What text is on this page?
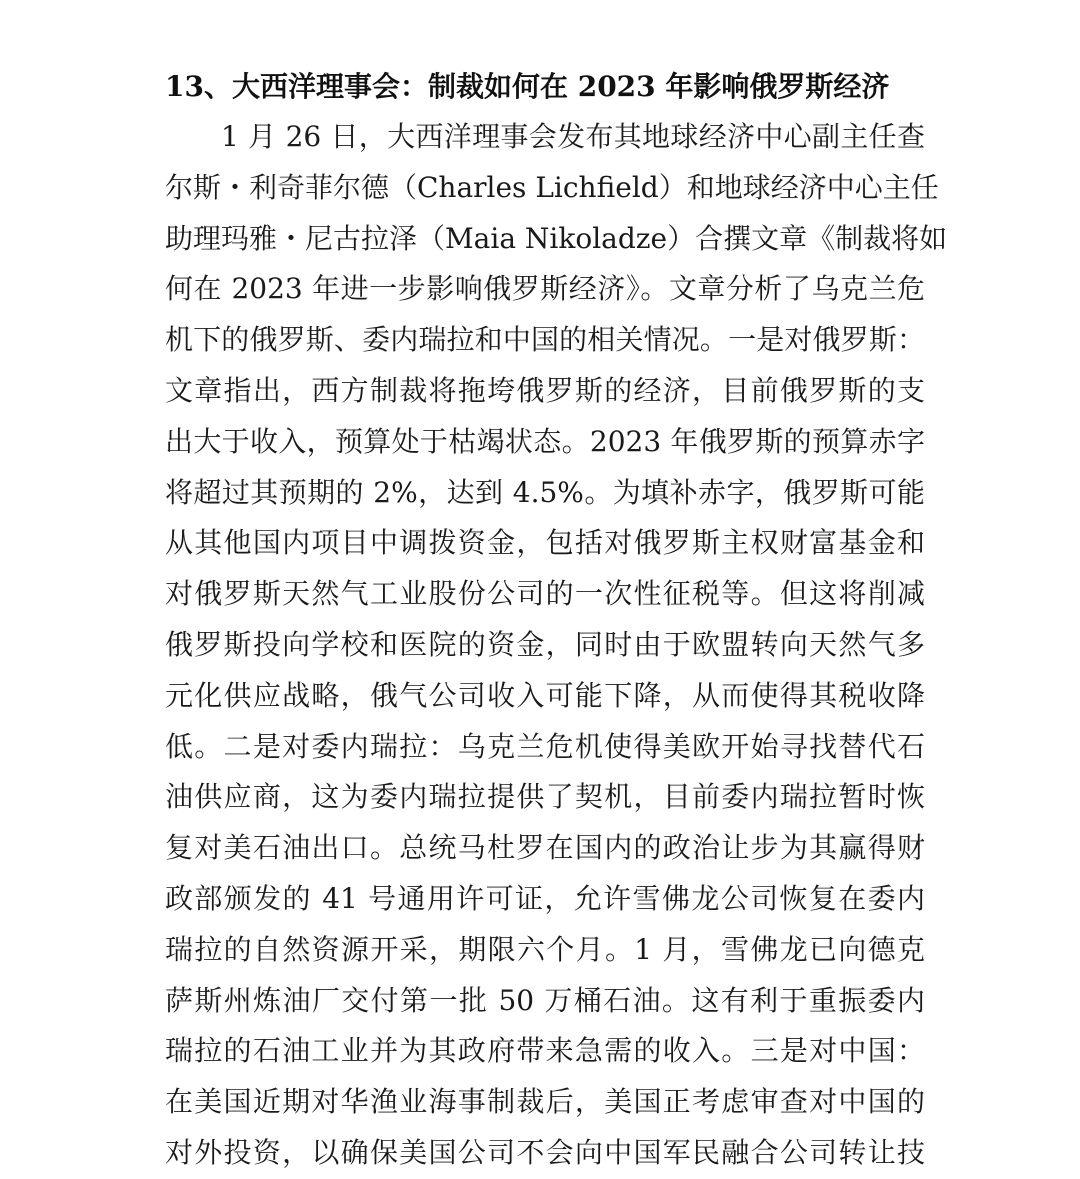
13、大西洋理事会：制裁如何在 2023 年影响俄罗斯经济
1 月 26 日，大西洋理事会发布其地球经济中心副主任查
尔斯・利奇菲尔德（Charles Lichfield）和地球经济中心主任
助理玛雅・尼古拉泽（Maia Nikoladze）合撰文章《制裁将如
何在 2023 年进一步影响俄罗斯经济》。文章分析了乌克兰危
机下的俄罗斯、委内瑞拉和中国的相关情况。一是对俄罗斯：
文章指出，西方制裁将拖垮俄罗斯的经济，目前俄罗斯的支
出大于收入，预算处于枯竭状态。2023 年俄罗斯的预算赤字
将超过其预期的 2%，达到 4.5%。为填补赤字，俄罗斯可能
从其他国内项目中调拨资金，包括对俄罗斯主权财富基金和
对俄罗斯天然气工业股份公司的一次性征税等。但这将削减
俄罗斯投向学校和医院的资金，同时由于欧盟转向天然气多
元化供应战略，俄气公司收入可能下降，从而使得其税收降
低。二是对委内瑞拉：乌克兰危机使得美欧开始寻找替代石
油供应商，这为委内瑞拉提供了契机，目前委内瑞拉暂时恢
复对美石油出口。总统马杜罗在国内的政治让步为其赢得财
政部颁发的 41 号通用许可证，允许雪佛龙公司恢复在委内
瑞拉的自然资源开采，期限六个月。1 月，雪佛龙已向德克
萨斯州炼油厂交付第一批 50 万桶石油。这有利于重振委内
瑞拉的石油工业并为其政府带来急需的收入。三是对中国：
在美国近期对华渔业海事制裁后，美国正考虑审查对中国的
对外投资，以确保美国公司不会向中国军民融合公司转让技
